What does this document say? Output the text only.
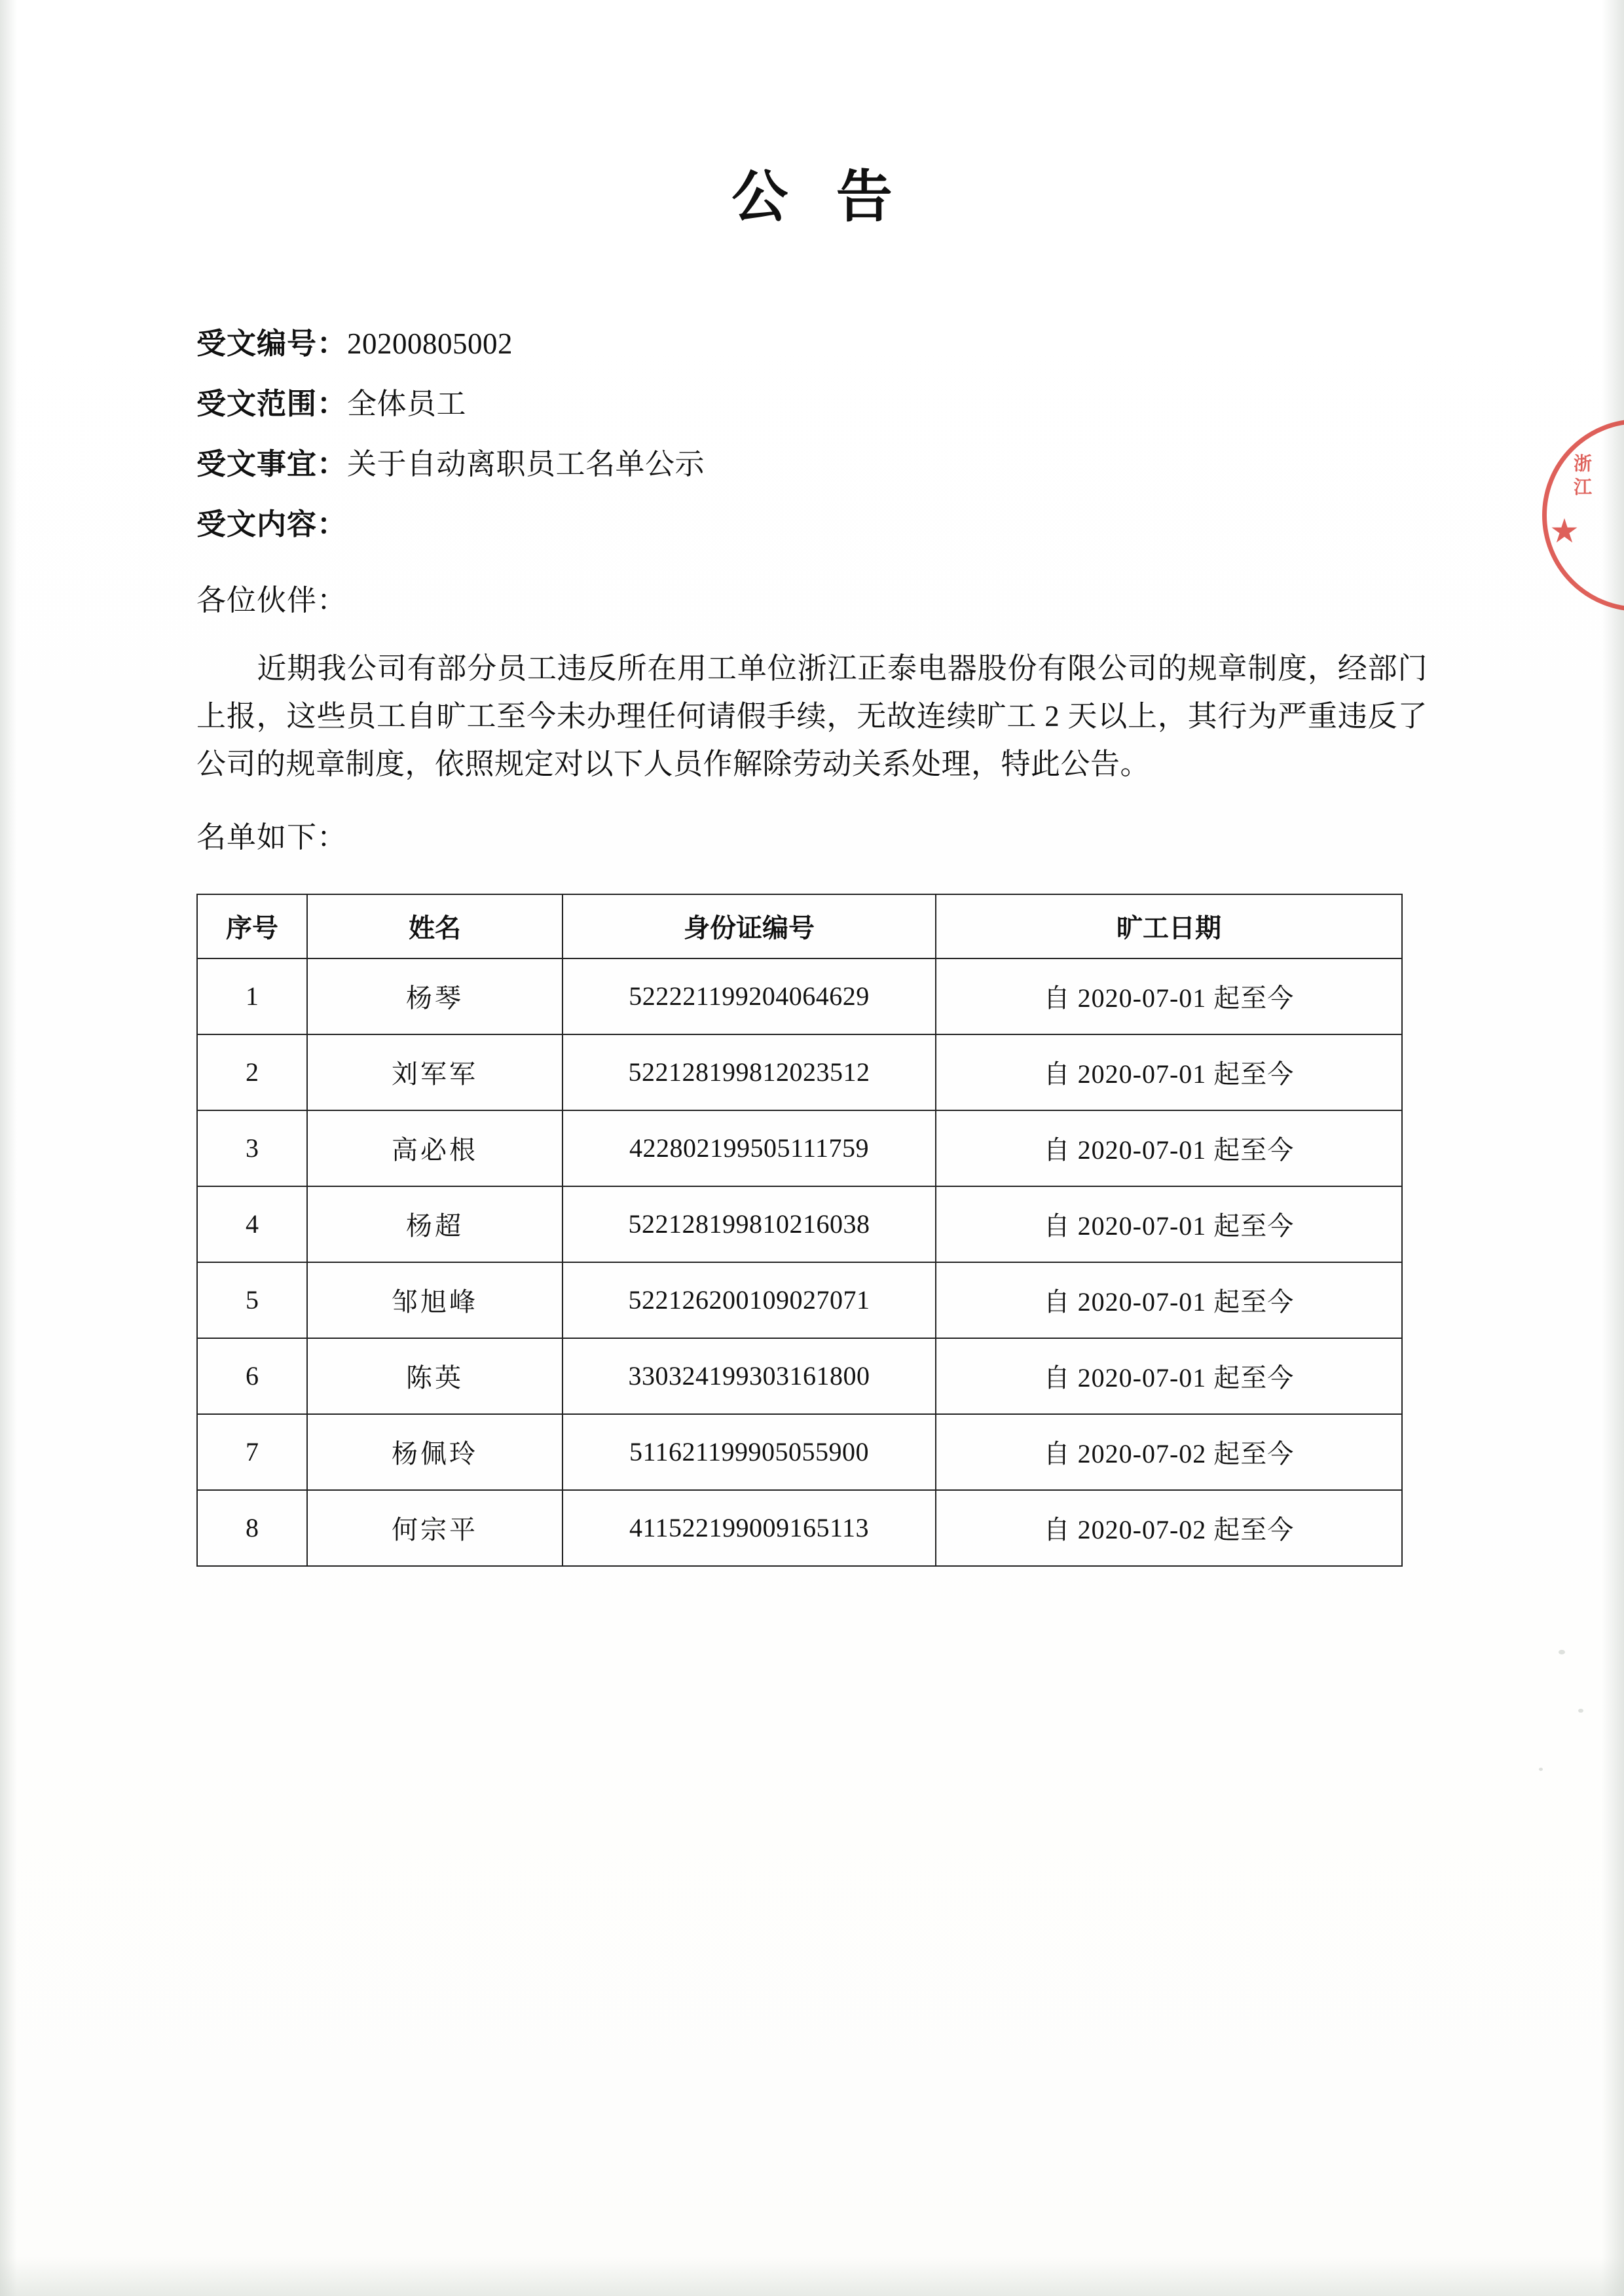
公 告
受文编号：20200805002
受文范围：全体员工
受文事宜：关于自动离职员工名单公示
受文内容：
各位伙伴：

近期我公司有部分员工违反所在用工单位浙江正泰电器股份有限公司的规章制度，经部门上报，这些员工自旷工至今未办理任何请假手续，无故连续旷工 2 天以上，其行为严重违反了公司的规章制度，依照规定对以下人员作解除劳动关系处理，特此公告。

名单如下：
序号	姓名	身份证编号	旷工日期
1	杨琴	522221199204064629	自 2020-07-01 起至今
2	刘军军	522128199812023512	自 2020-07-01 起至今
3	高必根	422802199505111759	自 2020-07-01 起至今
4	杨超	522128199810216038	自 2020-07-01 起至今
5	邹旭峰	522126200109027071	自 2020-07-01 起至今
6	陈英	330324199303161800	自 2020-07-01 起至今
7	杨佩玲	511621199905055900	自 2020-07-02 起至今
8	何宗平	411522199009165113	自 2020-07-02 起至今
浙江
★
